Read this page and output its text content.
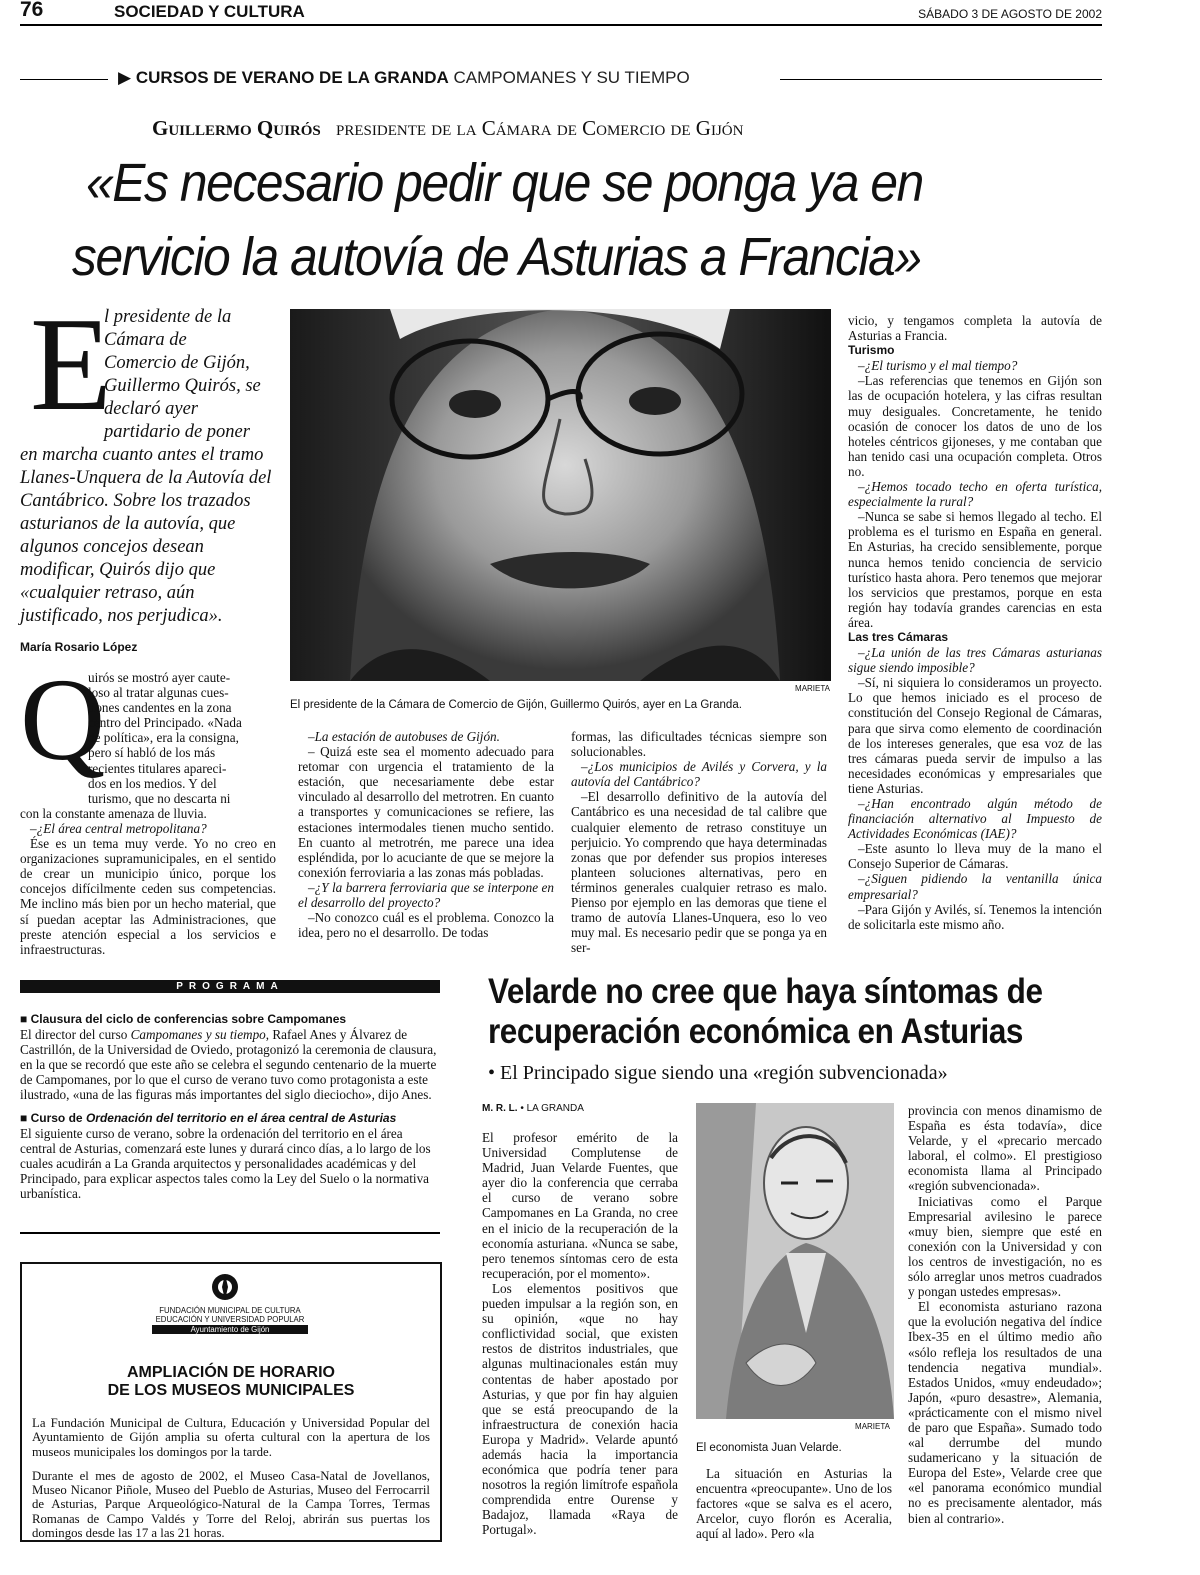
76	SOCIEDAD Y CULTURA	SÁBADO 3 DE AGOSTO DE 2002
▶ CURSOS DE VERANO DE LA GRANDA CAMPOMANES Y SU TIEMPO
Guillermo Quirós presidente de la Cámara de Comercio de Gijón
«Es necesario pedir que se ponga ya en
servicio la autovía de Asturias a Francia»
E
l presidente de la
Cámara de
Comercio de Gijón,
Guillermo Quirós, se
declaró ayer
partidario de poner
en marcha cuanto antes el tramo Llanes-Unquera de la Autovía del Cantábrico. Sobre los trazados asturianos de la autovía, que algunos concejos desean modificar, Quirós dijo que «cualquier retraso, aún justificado, nos perjudica».
María Rosario López
MARIETA
El presidente de la Cámara de Comercio de Gijón, Guillermo Quirós, ayer en La Granda.
Q
uirós se mostró ayer caute-
loso al tratar algunas cues-
tiones candentes en la zona
centro del Principado. «Nada
de política», era la consigna,
pero sí habló de los más
recientes titulares apareci-
dos en los medios. Y del
turismo, que no descarta ni

con la constante amenaza de lluvia.

–¿El área central metropolitana?

Ése es un tema muy verde. Yo no creo en organizaciones supramunicipales, en el sentido de crear un municipio único, porque los concejos difícilmente ceden sus competencias. Me inclino más bien por un hecho material, que sí puedan aceptar las Administraciones, que preste atención especial a los servicios e infraestructuras.

–La estación de autobuses de Gijón.

– Quizá este sea el momento adecuado para retomar con urgencia el tratamiento de la estación, que necesariamente debe estar vinculado al desarrollo del metrotren. En cuanto a transportes y comunicaciones se refiere, las estaciones intermodales tienen mucho sentido. En cuanto al metrotrén, me parece una idea espléndida, por lo acuciante de que se mejore la conexión ferroviaria a las zonas más pobladas.

–¿Y la barrera ferroviaria que se interpone en el desarrollo del proyecto?

–No conozco cuál es el problema. Conozco la idea, pero no el desarrollo. De todas

formas, las dificultades técnicas siempre son solucionables.

–¿Los municipios de Avilés y Corvera, y la autovía del Cantábrico?

–El desarrollo definitivo de la autovía del Cantábrico es una necesidad de tal calibre que cualquier elemento de retraso constituye un perjuicio. Yo comprendo que haya determinadas zonas que por defender sus propios intereses planteen soluciones alternativas, pero en términos generales cualquier retraso es malo. Pienso por ejemplo en las demoras que tiene el tramo de autovía Llanes-Unquera, eso lo veo muy mal. Es necesario pedir que se ponga ya en ser-

vicio, y tengamos completa la autovía de Asturias a Francia.

Turismo

–¿El turismo y el mal tiempo?

–Las referencias que tenemos en Gijón son las de ocupación hotelera, y las cifras resultan muy desiguales. Concretamente, he tenido ocasión de conocer los datos de uno de los hoteles céntricos gijoneses, y me contaban que han tenido casi una ocupación completa. Otros no.

–¿Hemos tocado techo en oferta turística, especialmente la rural?

–Nunca se sabe si hemos llegado al techo. El problema es el turismo en España en general. En Asturias, ha crecido sensiblemente, porque nunca hemos tenido conciencia de servicio turístico hasta ahora. Pero tenemos que mejorar los servicios que prestamos, porque en esta región hay todavía grandes carencias en esta área.

Las tres Cámaras

–¿La unión de las tres Cámaras asturianas sigue siendo imposible?

–Sí, ni siquiera lo consideramos un proyecto. Lo que hemos iniciado es el proceso de constitución del Consejo Regional de Cámaras, para que sirva como elemento de coordinación de los intereses generales, que esa voz de las tres cámaras pueda servir de impulso a las necesidades económicas y empresariales que tiene Asturias.

–¿Han encontrado algún método de financiación alternativo al Impuesto de Actividades Económicas (IAE)?

–Este asunto lo lleva muy de la mano el Consejo Superior de Cámaras.

–¿Siguen pidiendo la ventanilla única empresarial?

–Para Gijón y Avilés, sí. Tenemos la intención de solicitarla este mismo año.

PROGRAMA
■ Clausura del ciclo de conferencias sobre Campomanes
El director del curso Campomanes y su tiempo, Rafael Anes y Álvarez de Castrillón, de la Universidad de Oviedo, protagonizó la ceremonia de clausura, en la que se recordó que este año se celebra el segundo centenario de la muerte de Campomanes, por lo que el curso de verano tuvo como protagonista a este ilustrado, «una de las figuras más importantes del siglo dieciocho», dijo Anes.
■ Curso de Ordenación del territorio en el área central de Asturias
El siguiente curso de verano, sobre la ordenación del territorio en el área central de Asturias, comenzará este lunes y durará cinco días, a lo largo de los cuales acudirán a La Granda arquitectos y personalidades académicas y del Principado, para explicar aspectos tales como la Ley del Suelo o la normativa urbanística.
FUNDACIÓN MUNICIPAL DE CULTURA
EDUCACIÓN Y UNIVERSIDAD POPULAR
Ayuntamiento de Gijón
AMPLIACIÓN DE HORARIO
DE LOS MUSEOS MUNICIPALES

La Fundación Municipal de Cultura, Educación y Universidad Popular del Ayuntamiento de Gijón amplia su oferta cultural con la apertura de los museos municipales los domingos por la tarde.

Durante el mes de agosto de 2002, el Museo Casa-Natal de Jovellanos, Museo Nicanor Piñole, Museo del Pueblo de Asturias, Museo del Ferrocarril de Asturias, Parque Arqueológico-Natural de la Campa Torres, Termas Romanas de Campo Valdés y Torre del Reloj, abrirán sus puertas los domingos desde las 17 a las 21 horas.

Velarde no cree que haya síntomas de
recuperación económica en Asturias
• El Principado sigue siendo una «región subvencionada»
M. R. L. • LA GRANDA

El profesor emérito de la Universidad Complutense de Madrid, Juan Velarde Fuentes, que ayer dio la conferencia que cerraba el curso de verano sobre Campomanes en La Granda, no cree en el inicio de la recuperación de la economía asturiana. «Nunca se sabe, pero tenemos síntomas cero de esta recuperación, por el momento».

Los elementos positivos que pueden impulsar a la región son, en su opinión, «que no hay conflictividad social, que existen restos de distritos industriales, que algunas multinacionales están muy contentas de haber apostado por Asturias, y que por fin hay alguien que se está preocupando de la infraestructura de conexión hacia Europa y Madrid». Velarde apuntó además hacia la importancia económica que podría tener para nosotros la región limítrofe española comprendida entre Ourense y Badajoz, llamada «Raya de Portugal».

MARIETA
El economista Juan Velarde.

La situación en Asturias la encuentra «preocupante». Uno de los factores «que se salva es el acero, Arcelor, cuyo florón es Aceralia, aquí al lado». Pero «la

provincia con menos dinamismo de España es ésta todavía», dice Velarde, y el «precario mercado laboral, el colmo». El prestigioso economista llama al Principado «región subvencionada».

Iniciativas como el Parque Empresarial avilesino le parece «muy bien, siempre que esté en conexión con la Universidad y con los centros de investigación, no es sólo arreglar unos metros cuadrados y pongan ustedes empresas».

El economista asturiano razona que la evolución negativa del índice Ibex-35 en el último medio año «sólo refleja los resultados de una tendencia negativa mundial». Estados Unidos, «muy endeudado»; Japón, «puro desastre», Alemania, «prácticamente con el mismo nivel de paro que España». Sumado todo «al derrumbe del mundo sudamericano y la situación de Europa del Este», Velarde cree que «el panorama económico mundial no es precisamente alentador, más bien al contrario».
